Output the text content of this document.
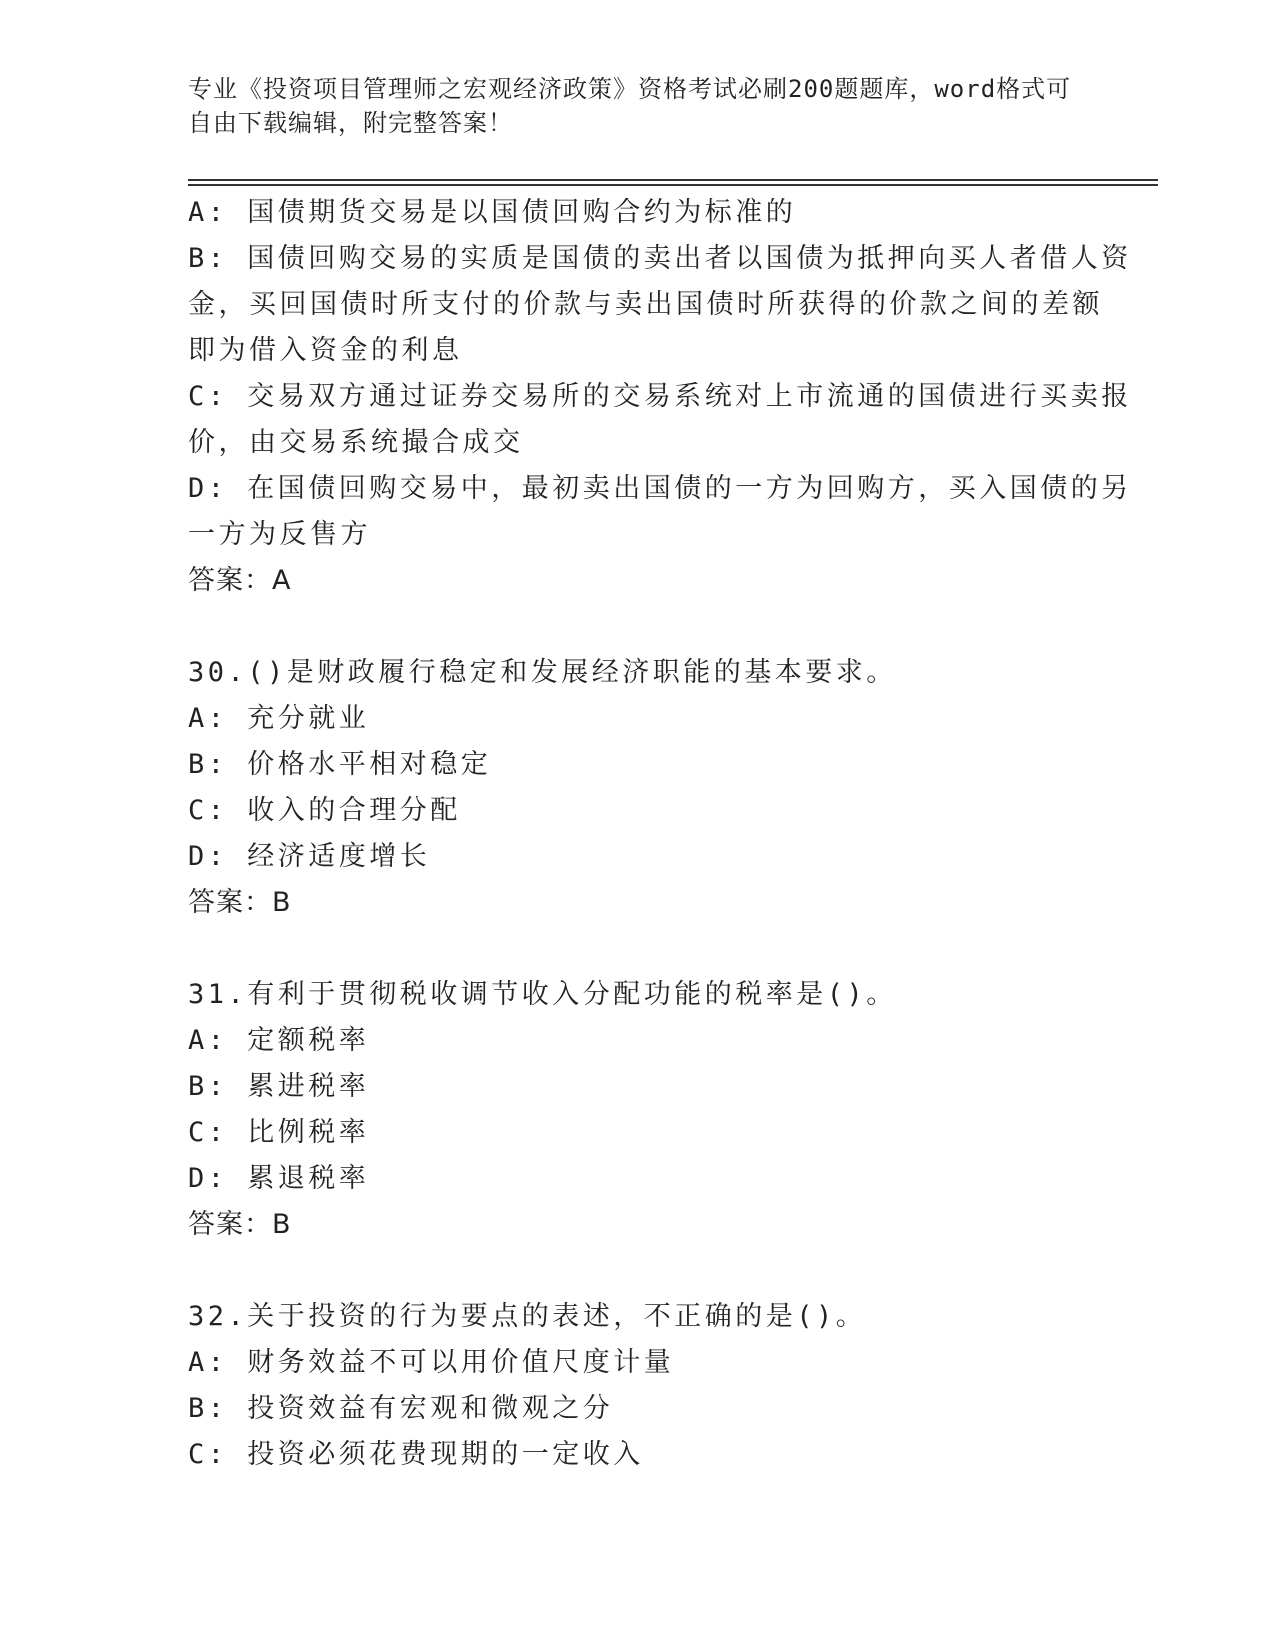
专业《投资项目管理师之宏观经济政策》资格考试必刷200题题库，word格式可
自由下载编辑，附完整答案！
A: 国债期货交易是以国债回购合约为标准的
B: 国债回购交易的实质是国债的卖出者以国债为抵押向买人者借人资
金，买回国债时所支付的价款与卖出国债时所获得的价款之间的差额
即为借入资金的利息
C: 交易双方通过证券交易所的交易系统对上市流通的国债进行买卖报
价，由交易系统撮合成交
D: 在国债回购交易中，最初卖出国债的一方为回购方，买入国债的另
一方为反售方
答案：A
30.()是财政履行稳定和发展经济职能的基本要求。
A: 充分就业
B: 价格水平相对稳定
C: 收入的合理分配
D: 经济适度增长
答案：B
31.有利于贯彻税收调节收入分配功能的税率是()。
A: 定额税率
B: 累进税率
C: 比例税率
D: 累退税率
答案：B
32.关于投资的行为要点的表述，不正确的是()。
A: 财务效益不可以用价值尺度计量
B: 投资效益有宏观和微观之分
C: 投资必须花费现期的一定收入
